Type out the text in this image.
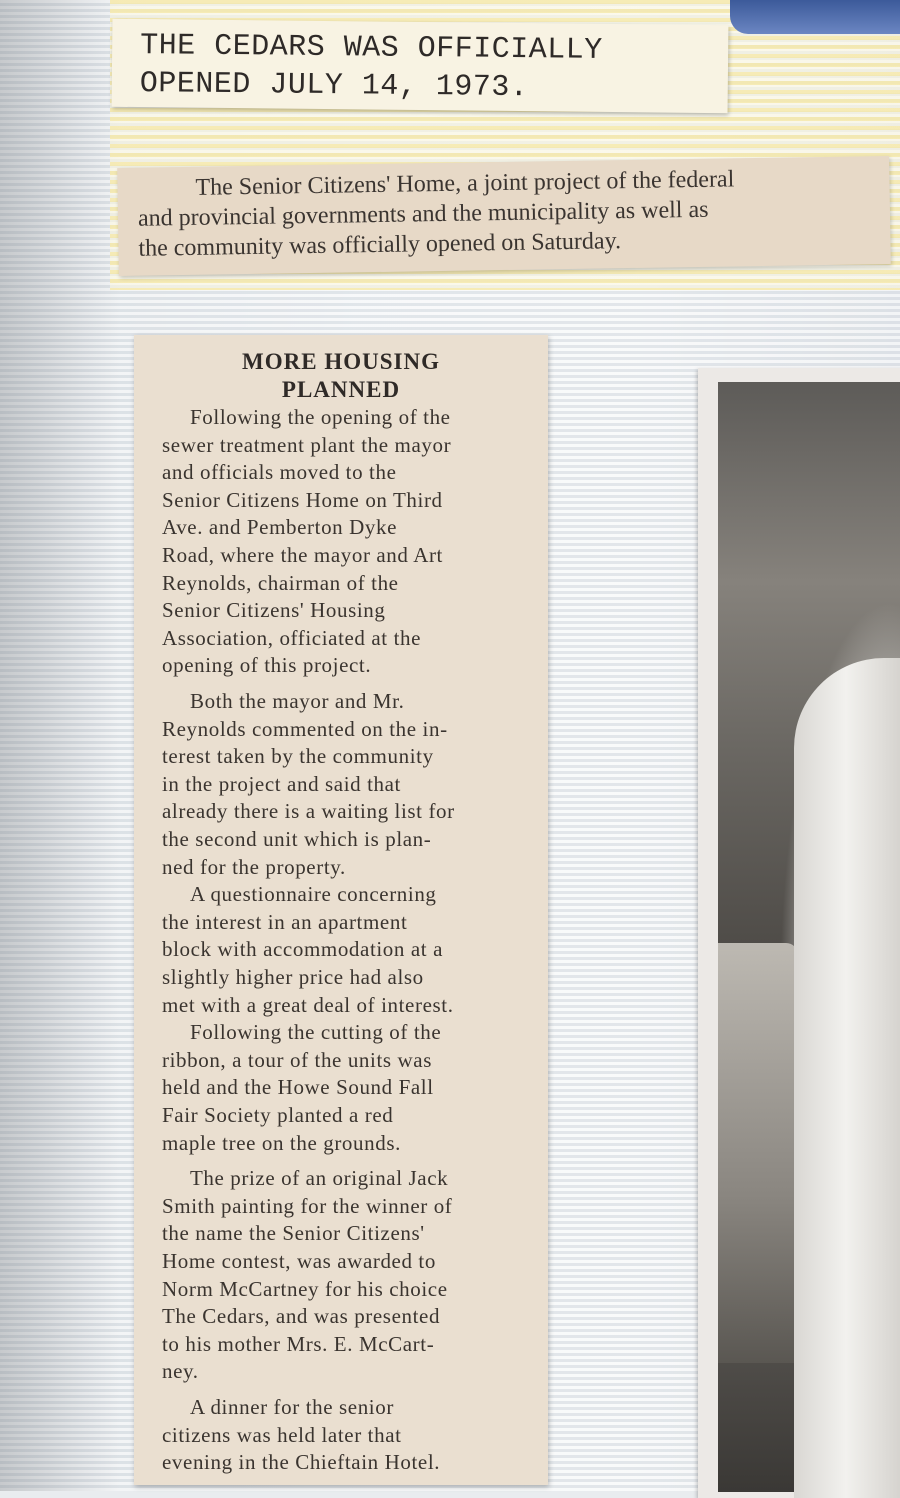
THE CEDARS WAS OFFICIALLY
OPENED JULY 14, 1973.
The Senior Citizens' Home, a joint project of the federal
and provincial governments and the municipality as well as
the community was officially opened on Saturday.
MORE HOUSING
PLANNED
Following the opening of the
sewer treatment plant the mayor
and officials moved to the
Senior Citizens Home on Third
Ave. and Pemberton Dyke
Road, where the mayor and Art
Reynolds, chairman of the
Senior Citizens' Housing
Association, officiated at the
opening of this project.
Both the mayor and Mr.
Reynolds commented on the in-
terest taken by the community
in the project and said that
already there is a waiting list for
the second unit which is plan-
ned for the property.
A questionnaire concerning
the interest in an apartment
block with accommodation at a
slightly higher price had also
met with a great deal of interest.
Following the cutting of the
ribbon, a tour of the units was
held and the Howe Sound Fall
Fair Society planted a red
maple tree on the grounds.
The prize of an original Jack
Smith painting for the winner of
the name the Senior Citizens'
Home contest, was awarded to
Norm McCartney for his choice
The Cedars, and was presented
to his mother Mrs. E. McCart-
ney.
A dinner for the senior
citizens was held later that
evening in the Chieftain Hotel.
